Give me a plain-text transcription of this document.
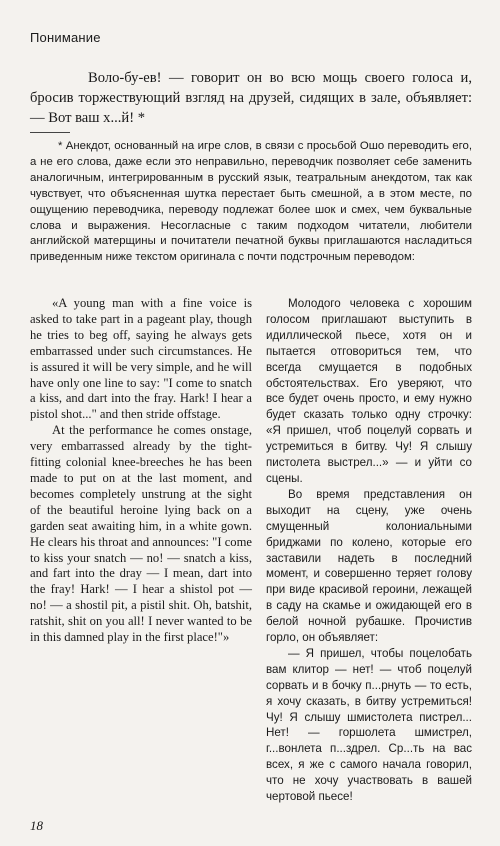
Понимание

Воло-бу-ев! — говорит он во всю мощь своего голоса и, бросив торжествующий взгляд на друзей, сидящих в зале, объявляет: — Вот ваш х...й! *

* Анекдот, основанный на игре слов, в связи с просьбой Ошо переводить его, а не его слова, даже если это неправильно, переводчик позволяет себе заменить аналогичным, интегрированным в русский язык, театральным анекдотом, так как чувствует, что объясненная шутка перестает быть смешной, а в этом месте, по ощущению переводчика, переводу подлежат более шок и смех, чем буквальные слова и выражения. Несогласные с таким подходом читатели, любители английской матерщины и почитатели печатной буквы приглашаются насладиться приведенным ниже текстом оригинала с почти подстрочным переводом:

«A young man with a fine voice is asked to take part in a pageant play, though he tries to beg off, saying he always gets embarrassed under such circumstances. He is assured it will be very simple, and he will have only one line to say: "I come to snatch a kiss, and dart into the fray. Hark! I hear a pistol shot..." and then stride offstage.

At the performance he comes onstage, very embarrassed already by the tight-fitting colonial knee-breeches he has been made to put on at the last moment, and becomes completely unstrung at the sight of the beautiful heroine lying back on a garden seat awaiting him, in a white gown. He clears his throat and announces: "I come to kiss your snatch — no! — snatch a kiss, and fart into the dray — I mean, dart into the fray! Hark! — I hear a shistol pot — no! — a shostil pit, a pistil shit. Oh, batshit, ratshit, shit on you all! I never wanted to be in this damned play in the first place!"»

Молодого человека с хорошим голосом приглашают выступить в идиллической пьесе, хотя он и пытается отговориться тем, что всегда смущается в подобных обстоятельствах. Его уверяют, что все будет очень просто, и ему нужно будет сказать только одну строчку: «Я пришел, чтоб поцелуй сорвать и устремиться в битву. Чу! Я слышу пистолета выстрел...» — и уйти со сцены.

Во время представления он выходит на сцену, уже очень смущенный колониальными бриджами по колено, которые его заставили надеть в последний момент, и совершенно теряет голову при виде красивой героини, лежащей в саду на скамье и ожидающей его в белой ночной рубашке. Прочистив горло, он объявляет:

— Я пришел, чтобы поцелобать вам клитор — нет! — чтоб поцелуй сорвать и в бочку п...рнуть — то есть, я хочу сказать, в битву устремиться! Чу! Я слышу шмистолета пистрел... Нет! — горшолета шмистрел, г...вонлета п...здрел. Ср...ть на вас всех, я же с самого начала говорил, что не хочу участвовать в вашей чертовой пьесе!

18
